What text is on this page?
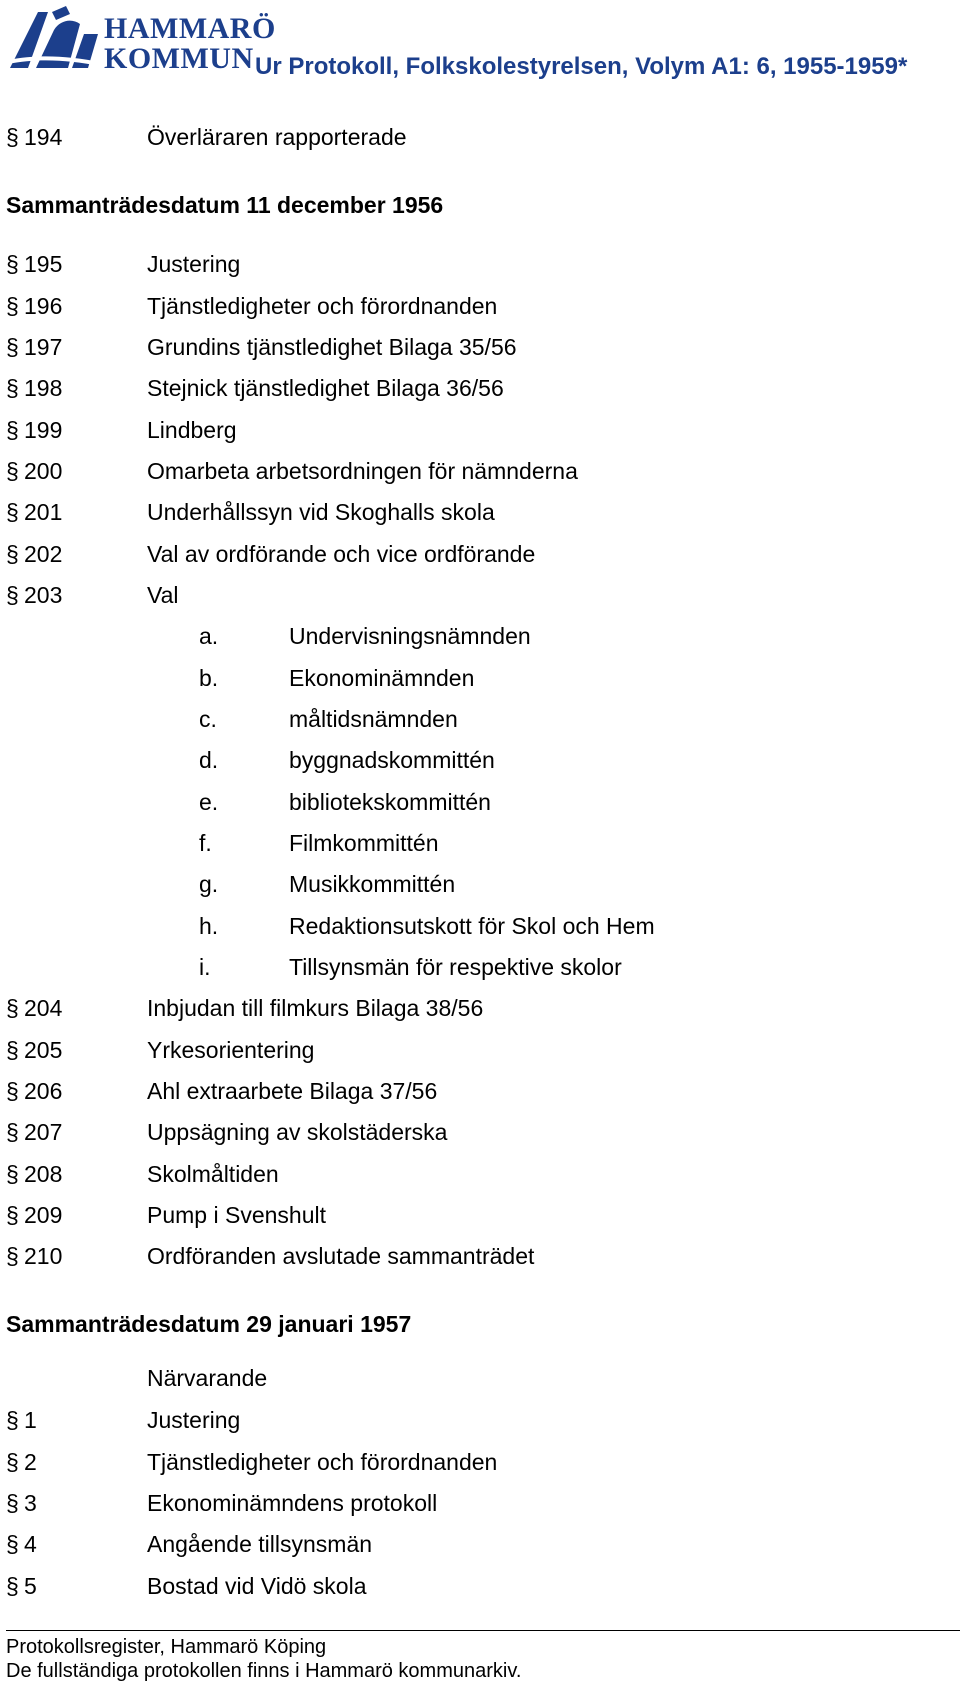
HAMMARÖ
KOMMUN Ur Protokoll, Folkskolestyrelsen, Volym A1: 6, 1955-1959*
§ 194	Överläraren rapporterade
Sammanträdesdatum 11 december 1956
§ 195	Justering
§ 196	Tjänstledigheter och förordnanden
§ 197	Grundins tjänstledighet Bilaga 35/56
§ 198	Stejnick tjänstledighet Bilaga 36/56
§ 199	Lindberg
§ 200	Omarbeta arbetsordningen för nämnderna
§ 201	Underhållssyn vid Skoghalls skola
§ 202	Val av ordförande och vice ordförande
§ 203	Val
a.	Undervisningsnämnden
b.	Ekonominämnden
c.	måltidsnämnden
d.	byggnadskommittén
e.	bibliotekskommittén
f.	Filmkommittén
g.	Musikkommittén
h.	Redaktionsutskott för Skol och Hem
i.	Tillsynsmän för respektive skolor
§ 204	Inbjudan till filmkurs Bilaga 38/56
§ 205	Yrkesorientering
§ 206	Ahl extraarbete Bilaga 37/56
§ 207	Uppsägning av skolstäderska
§ 208	Skolmåltiden
§ 209	Pump i Svenshult
§ 210	Ordföranden avslutade sammanträdet
Sammanträdesdatum 29 januari 1957
Närvarande
§ 1	Justering
§ 2	Tjänstledigheter och förordnanden
§ 3	Ekonominämndens protokoll
§ 4	Angående tillsynsmän
§ 5	Bostad vid Vidö skola
Protokollsregister, Hammarö Köping
De fullständiga protokollen finns i Hammarö kommunarkiv.
